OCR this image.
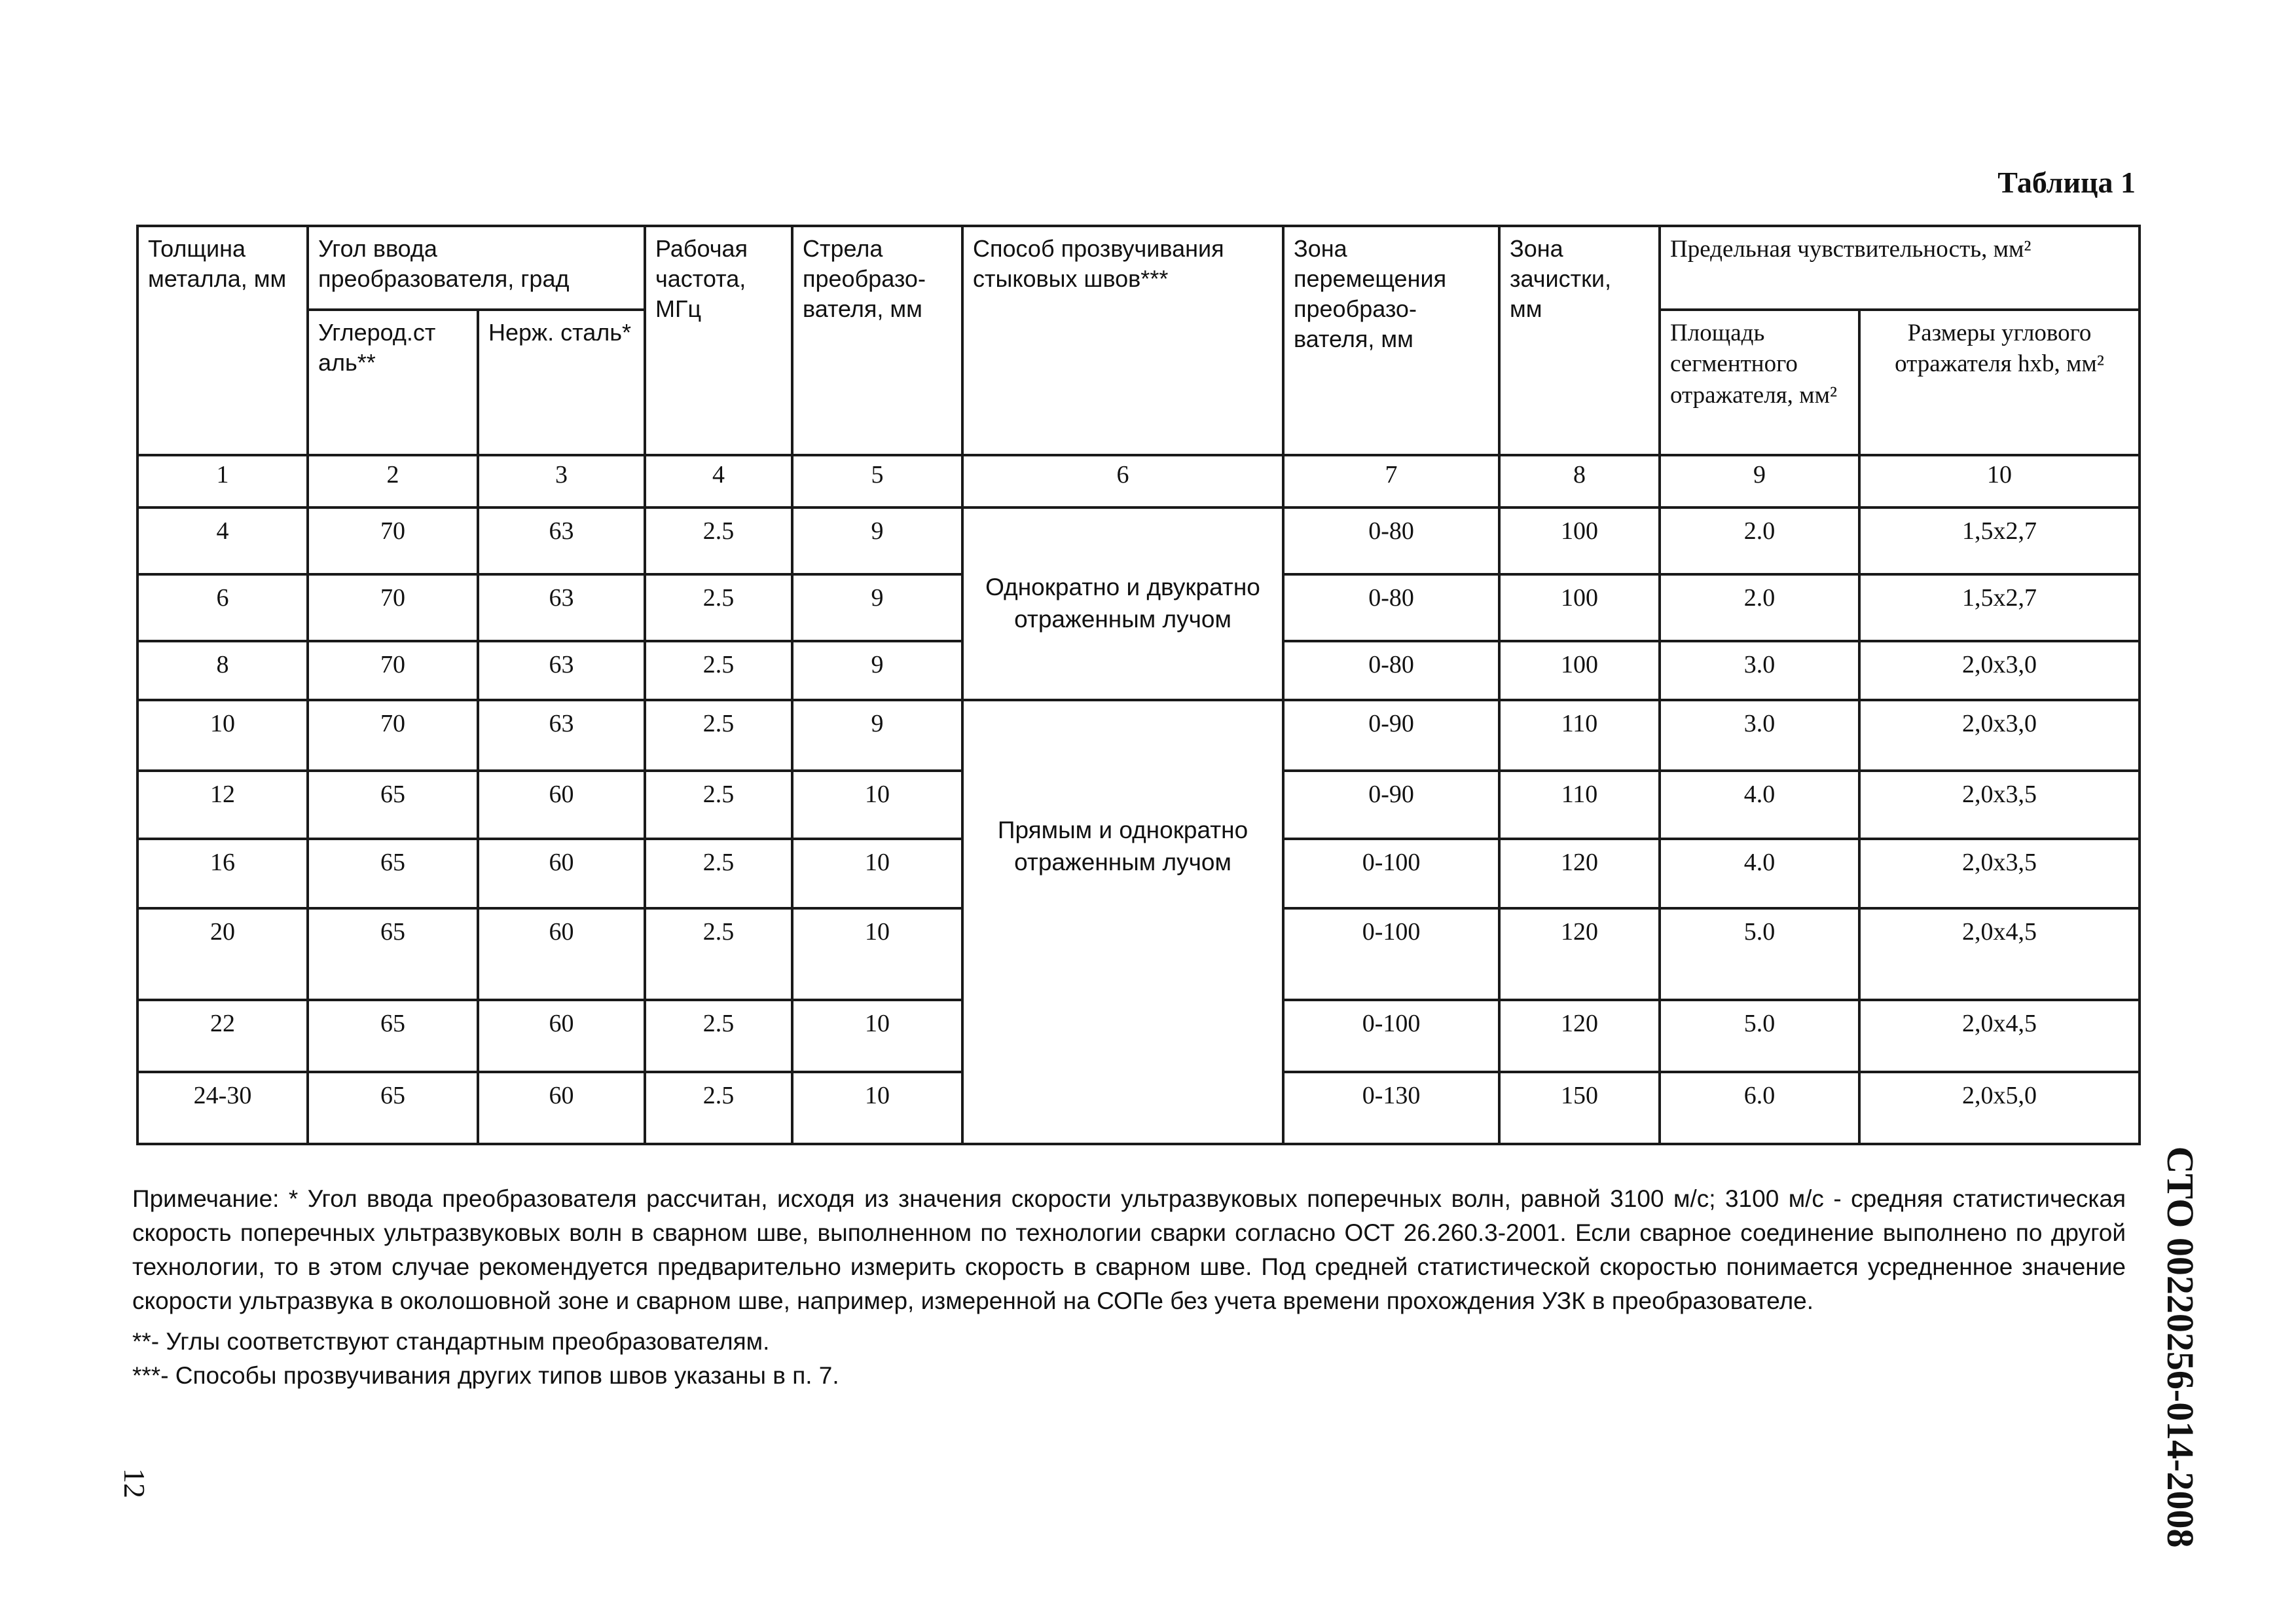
Таблица 1
Толщина металла, мм	Угол ввода преобразователя, град		Рабочая частота, МГц	Стрела преобразо-вателя, мм	Способ прозвучивания стыковых швов***	Зона перемещения преобразо-вателя, мм	Зона зачистки, мм	Предельная чувствительность, мм²	
	Углерод.ст аль**	Нерж. сталь*						Площадь сегментного отражателя, мм²	Размеры углового отражателя hxb, мм²
1	2	3	4	5	6	7	8	9	10
4	70	63	2.5	9	Однократно и двукратно отраженным лучом	0-80	100	2.0	1,5х2,7
6	70	63	2.5	9		0-80	100	2.0	1,5х2,7
8	70	63	2.5	9		0-80	100	3.0	2,0х3,0
10	70	63	2.5	9	Прямым и однократно отраженным лучом	0-90	110	3.0	2,0х3,0
12	65	60	2.5	10		0-90	110	4.0	2,0х3,5
16	65	60	2.5	10		0-100	120	4.0	2,0х3,5
20	65	60	2.5	10		0-100	120	5.0	2,0х4,5
22	65	60	2.5	10		0-100	120	5.0	2,0х4,5
24-30	65	60	2.5	10		0-130	150	6.0	2,0х5,0

Примечание: * Угол ввода преобразователя рассчитан, исходя из значения скорости ультразвуковых поперечных волн, равной 3100 м/с; 3100 м/с - средняя статистическая скорость поперечных ультразвуковых волн в сварном шве, выполненном по технологии сварки согласно ОСТ 26.260.3-2001. Если сварное соединение выполнено по другой технологии, то в этом случае рекомендуется предварительно измерить скорость в сварном шве. Под средней статистической скоростью понимается усредненное значение скорости ультразвука в околошовной зоне и сварном шве, например, измеренной на СОПе без учета времени прохождения УЗК в преобразователе.

**- Углы соответствуют стандартным преобразователям.

***- Способы прозвучивания других типов швов указаны в п. 7.

12	СТО 00220256-014-2008
